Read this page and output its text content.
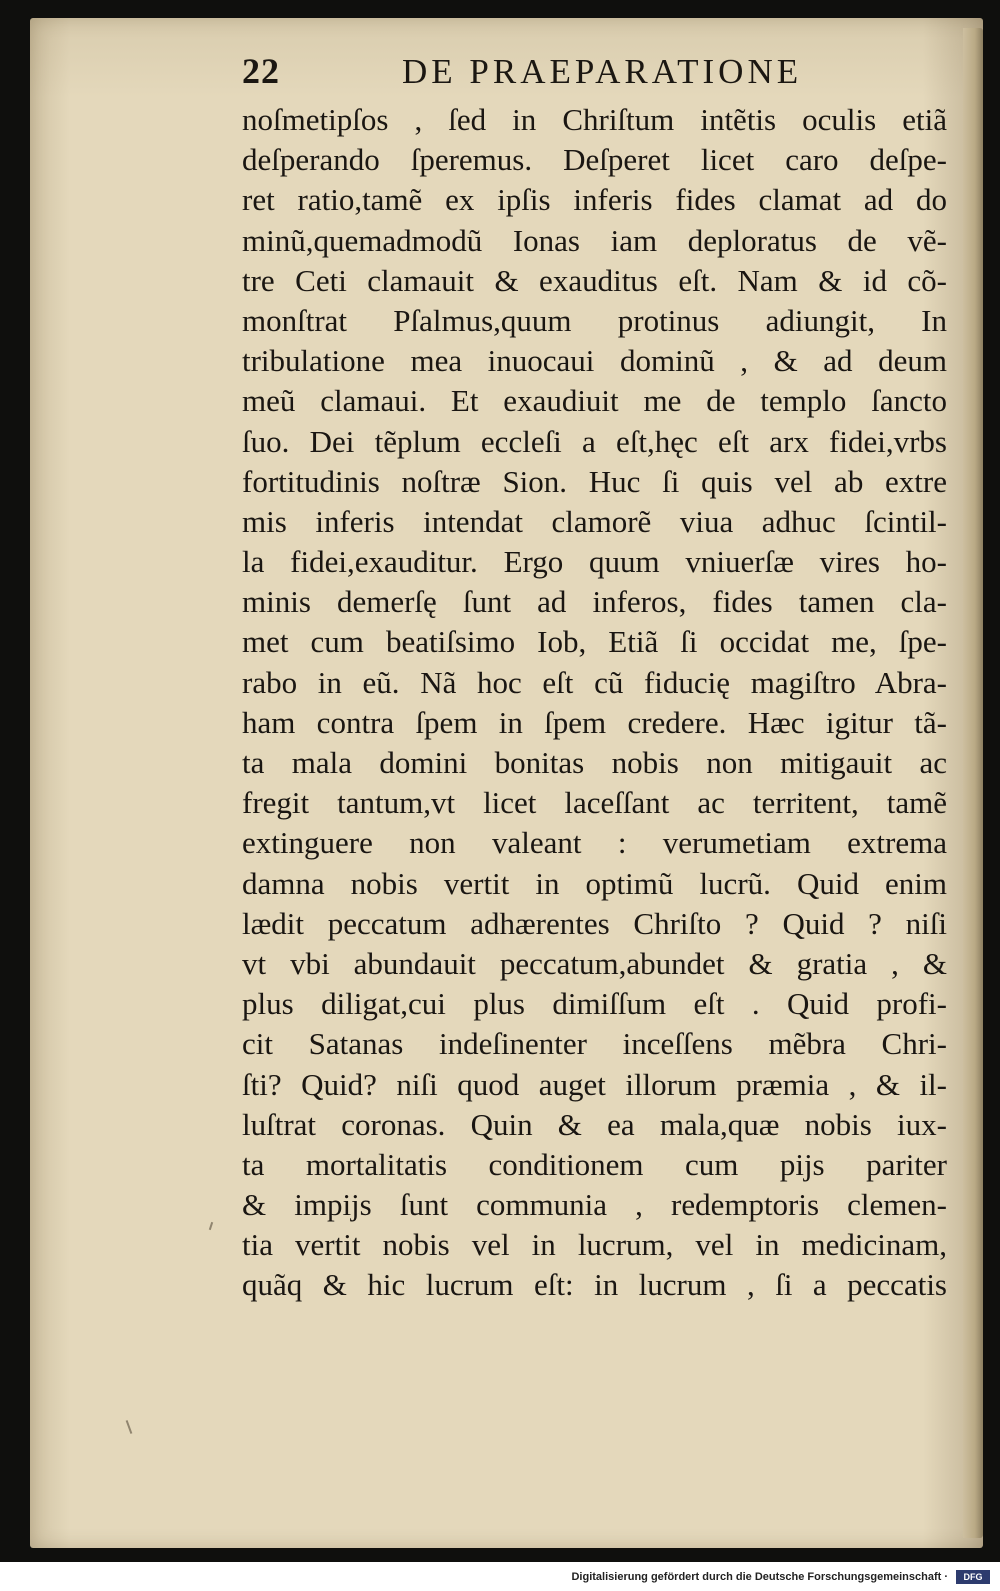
22	DE PRAEPARATIONE
noſmetipſos , ſed in Chriſtum intẽtis oculis etiã
deſperando ſperemus. Deſperet licet caro deſpe-
ret ratio,tamẽ ex ipſis inferis fides clamat ad do
minũ,quemadmodũ Ionas iam deploratus de vẽ-
tre Ceti clamauit & exauditus eſt. Nam & id cõ-
monſtrat Pſalmus,quum protinus adiungit, In
tribulatione mea inuocaui dominũ , & ad deum
meũ clamaui. Et exaudiuit me de templo ſancto
ſuo. Dei tẽplum eccleſi a eſt,hęc eſt arx fidei,vrbs
fortitudinis noſtræ Sion. Huc ſi quis vel ab extre
mis inferis intendat clamorẽ viua adhuc ſcintil-
la fidei,exauditur. Ergo quum vniuerſæ vires ho-
minis demerſę ſunt ad inferos, fides tamen cla-
met cum beatiſsimo Iob, Etiã ſi occidat me, ſpe-
rabo in eũ. Nã hoc eſt cũ fiducię magiſtro Abra-
ham contra ſpem in ſpem credere. Hæc igitur tã-
ta mala domini bonitas nobis non mitigauit ac
fregit tantum,vt licet laceſſant ac territent, tamẽ
extinguere non valeant : verumetiam extrema
damna nobis vertit in optimũ lucrũ. Quid enim
lædit peccatum adhærentes Chriſto ? Quid ? niſi
vt vbi abundauit peccatum,abundet & gratia , &
plus diligat,cui plus dimiſſum eſt . Quid profi-
cit Satanas indeſinenter inceſſens mẽbra Chri-
ſti? Quid? niſi quod auget illorum præmia , & il-
luſtrat coronas. Quin & ea mala,quæ nobis iux-
ta mortalitatis conditionem cum pijs pariter
& impijs ſunt communia , redemptoris clemen-
tia vertit nobis vel in lucrum, vel in medicinam,
quãq & hic lucrum eſt: in lucrum , ſi a peccatis
Digitalisierung gefördert durch die Deutsche Forschungsgemeinschaft ·	DFG
